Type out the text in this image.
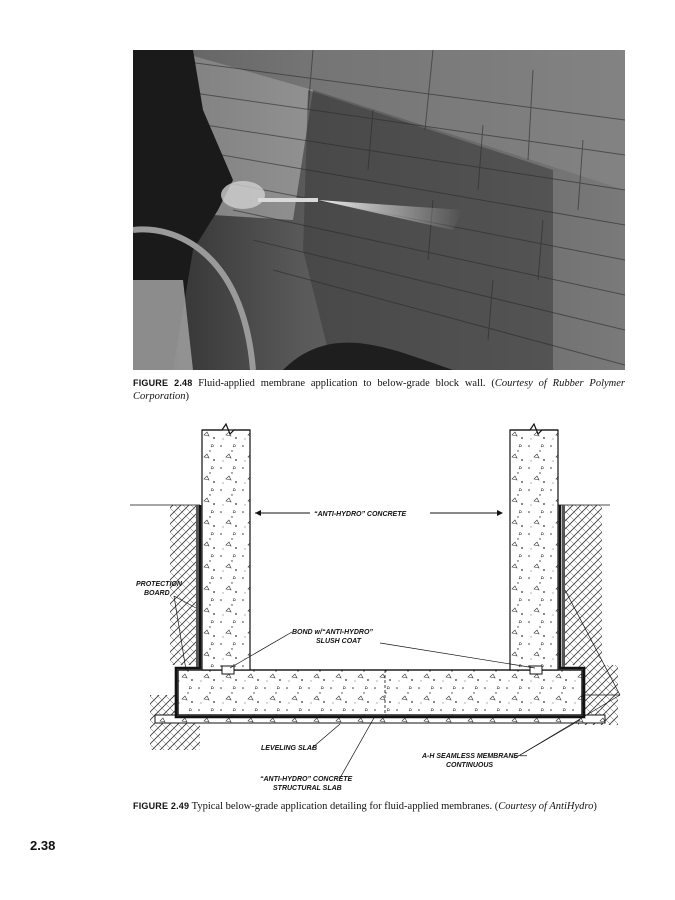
FIGURE 2.48 Fluid-applied membrane application to below-grade block wall. (Courtesy of Rubber Polymer Corporation)
“ANTI-HYDRO” CONCRETE
PROTECTION
BOARD
BOND w/“ANTI-HYDRO”
SLUSH COAT
LEVELING SLAB
“ANTI-HYDRO” CONCRETE
STRUCTURAL SLAB
A-H SEAMLESS MEMBRANE —
CONTINUOUS
FIGURE 2.49 Typical below-grade application detailing for fluid-applied membranes. (Courtesy of AntiHydro)
2.38
